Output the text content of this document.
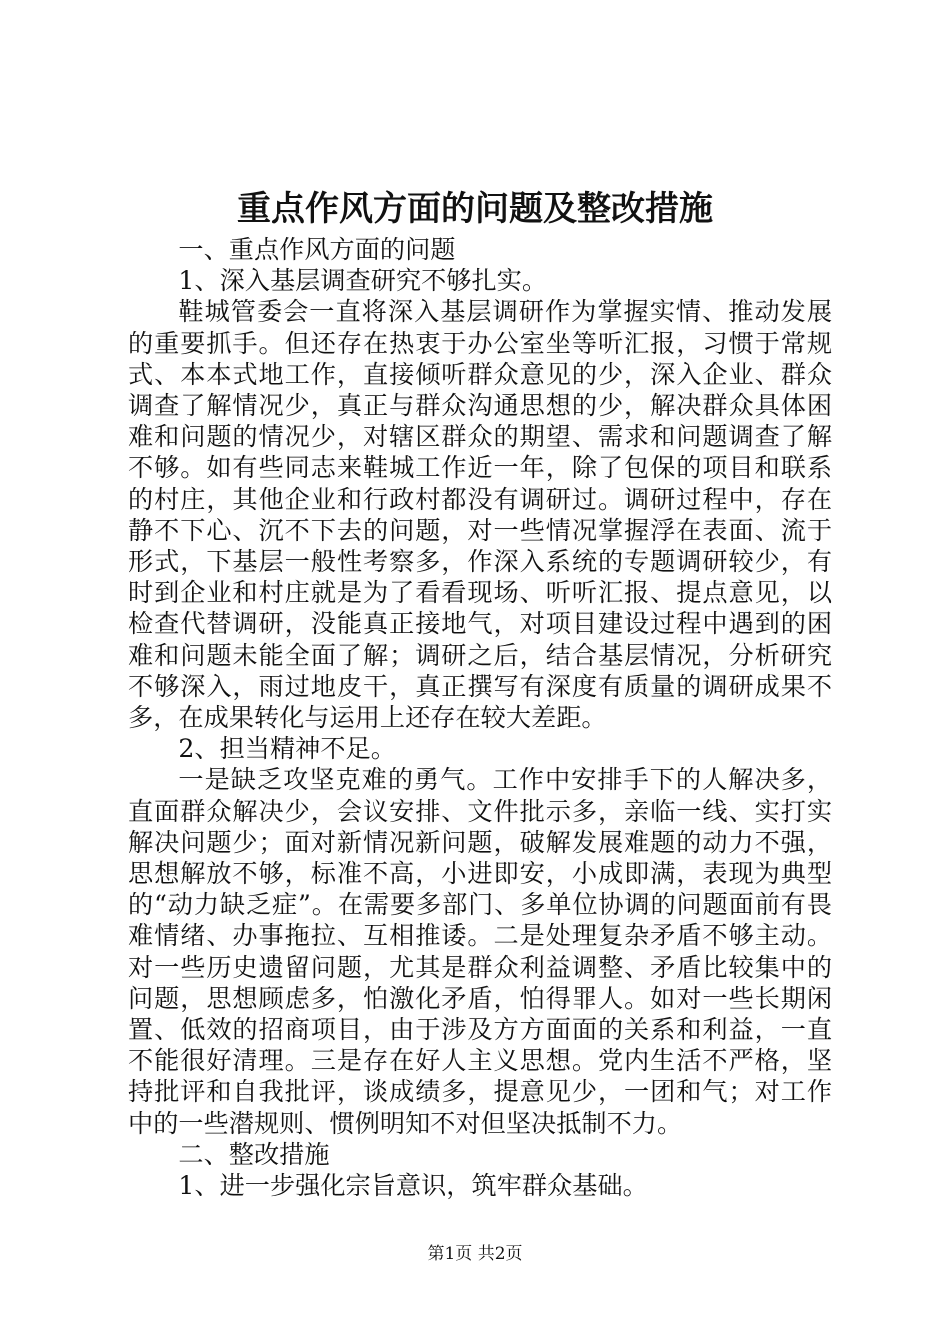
重点作风方面的问题及整改措施

一、重点作风方面的问题

1、深入基层调查研究不够扎实。

鞋城管委会一直将深入基层调研作为掌握实情、推动发展的重要抓手。但还存在热衷于办公室坐等听汇报，习惯于常规式、本本式地工作，直接倾听群众意见的少，深入企业、群众调查了解情况少，真正与群众沟通思想的少，解决群众具体困难和问题的情况少，对辖区群众的期望、需求和问题调查了解不够。如有些同志来鞋城工作近一年，除了包保的项目和联系的村庄，其他企业和行政村都没有调研过。调研过程中，存在静不下心、沉不下去的问题，对一些情况掌握浮在表面、流于形式，下基层一般性考察多，作深入系统的专题调研较少，有时到企业和村庄就是为了看看现场、听听汇报、提点意见，以检查代替调研，没能真正接地气，对项目建设过程中遇到的困难和问题未能全面了解；调研之后，结合基层情况，分析研究不够深入，雨过地皮干，真正撰写有深度有质量的调研成果不多，在成果转化与运用上还存在较大差距。

2、担当精神不足。

一是缺乏攻坚克难的勇气。工作中安排手下的人解决多，直面群众解决少，会议安排、文件批示多，亲临一线、实打实解决问题少；面对新情况新问题，破解发展难题的动力不强，思想解放不够，标准不高，小进即安，小成即满，表现为典型的“动力缺乏症”。在需要多部门、多单位协调的问题面前有畏难情绪、办事拖拉、互相推诿。二是处理复杂矛盾不够主动。对一些历史遗留问题，尤其是群众利益调整、矛盾比较集中的问题，思想顾虑多，怕激化矛盾，怕得罪人。如对一些长期闲置、低效的招商项目，由于涉及方方面面的关系和利益，一直不能很好清理。三是存在好人主义思想。党内生活不严格，坚持批评和自我批评，谈成绩多，提意见少，一团和气；对工作中的一些潜规则、惯例明知不对但坚决抵制不力。

二、整改措施

1、进一步强化宗旨意识，筑牢群众基础。

第1页 共2页
